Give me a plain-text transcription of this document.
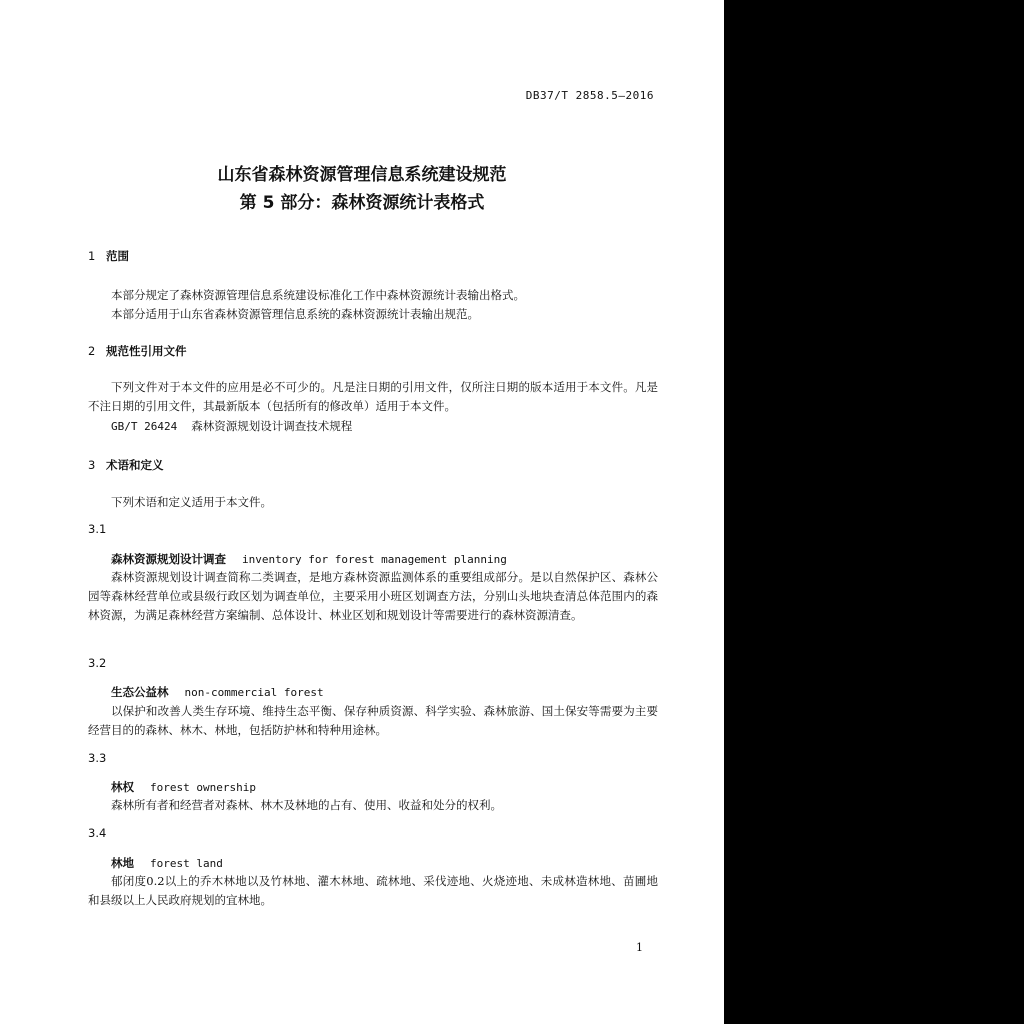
DB37/T 2858.5—2016
山东省森林资源管理信息系统建设规范
第 5 部分：森林资源统计表格式
1 范围
本部分规定了森林资源管理信息系统建设标准化工作中森林资源统计表输出格式。
本部分适用于山东省森林资源管理信息系统的森林资源统计表输出规范。
2 规范性引用文件
下列文件对于本文件的应用是必不可少的。凡是注日期的引用文件，仅所注日期的版本适用于本文件。凡是不注日期的引用文件，其最新版本（包括所有的修改单）适用于本文件。
GB/T 26424 森林资源规划设计调查技术规程
3 术语和定义
下列术语和定义适用于本文件。
3.1
森林资源规划设计调查 inventory for forest management planning
森林资源规划设计调查简称二类调查，是地方森林资源监测体系的重要组成部分。是以自然保护区、森林公园等森林经营单位或县级行政区划为调查单位，主要采用小班区划调查方法，分别山头地块查清总体范围内的森林资源，为满足森林经营方案编制、总体设计、林业区划和规划设计等需要进行的森林资源清查。
3.2
生态公益林 non-commercial forest
以保护和改善人类生存环境、维持生态平衡、保存种质资源、科学实验、森林旅游、国土保安等需要为主要经营目的的森林、林木、林地，包括防护林和特种用途林。
3.3
林权 forest ownership
森林所有者和经营者对森林、林木及林地的占有、使用、收益和处分的权利。
3.4
林地 forest land
郁闭度0.2以上的乔木林地以及竹林地、灌木林地、疏林地、采伐迹地、火烧迹地、未成林造林地、苗圃地和县级以上人民政府规划的宜林地。
1
